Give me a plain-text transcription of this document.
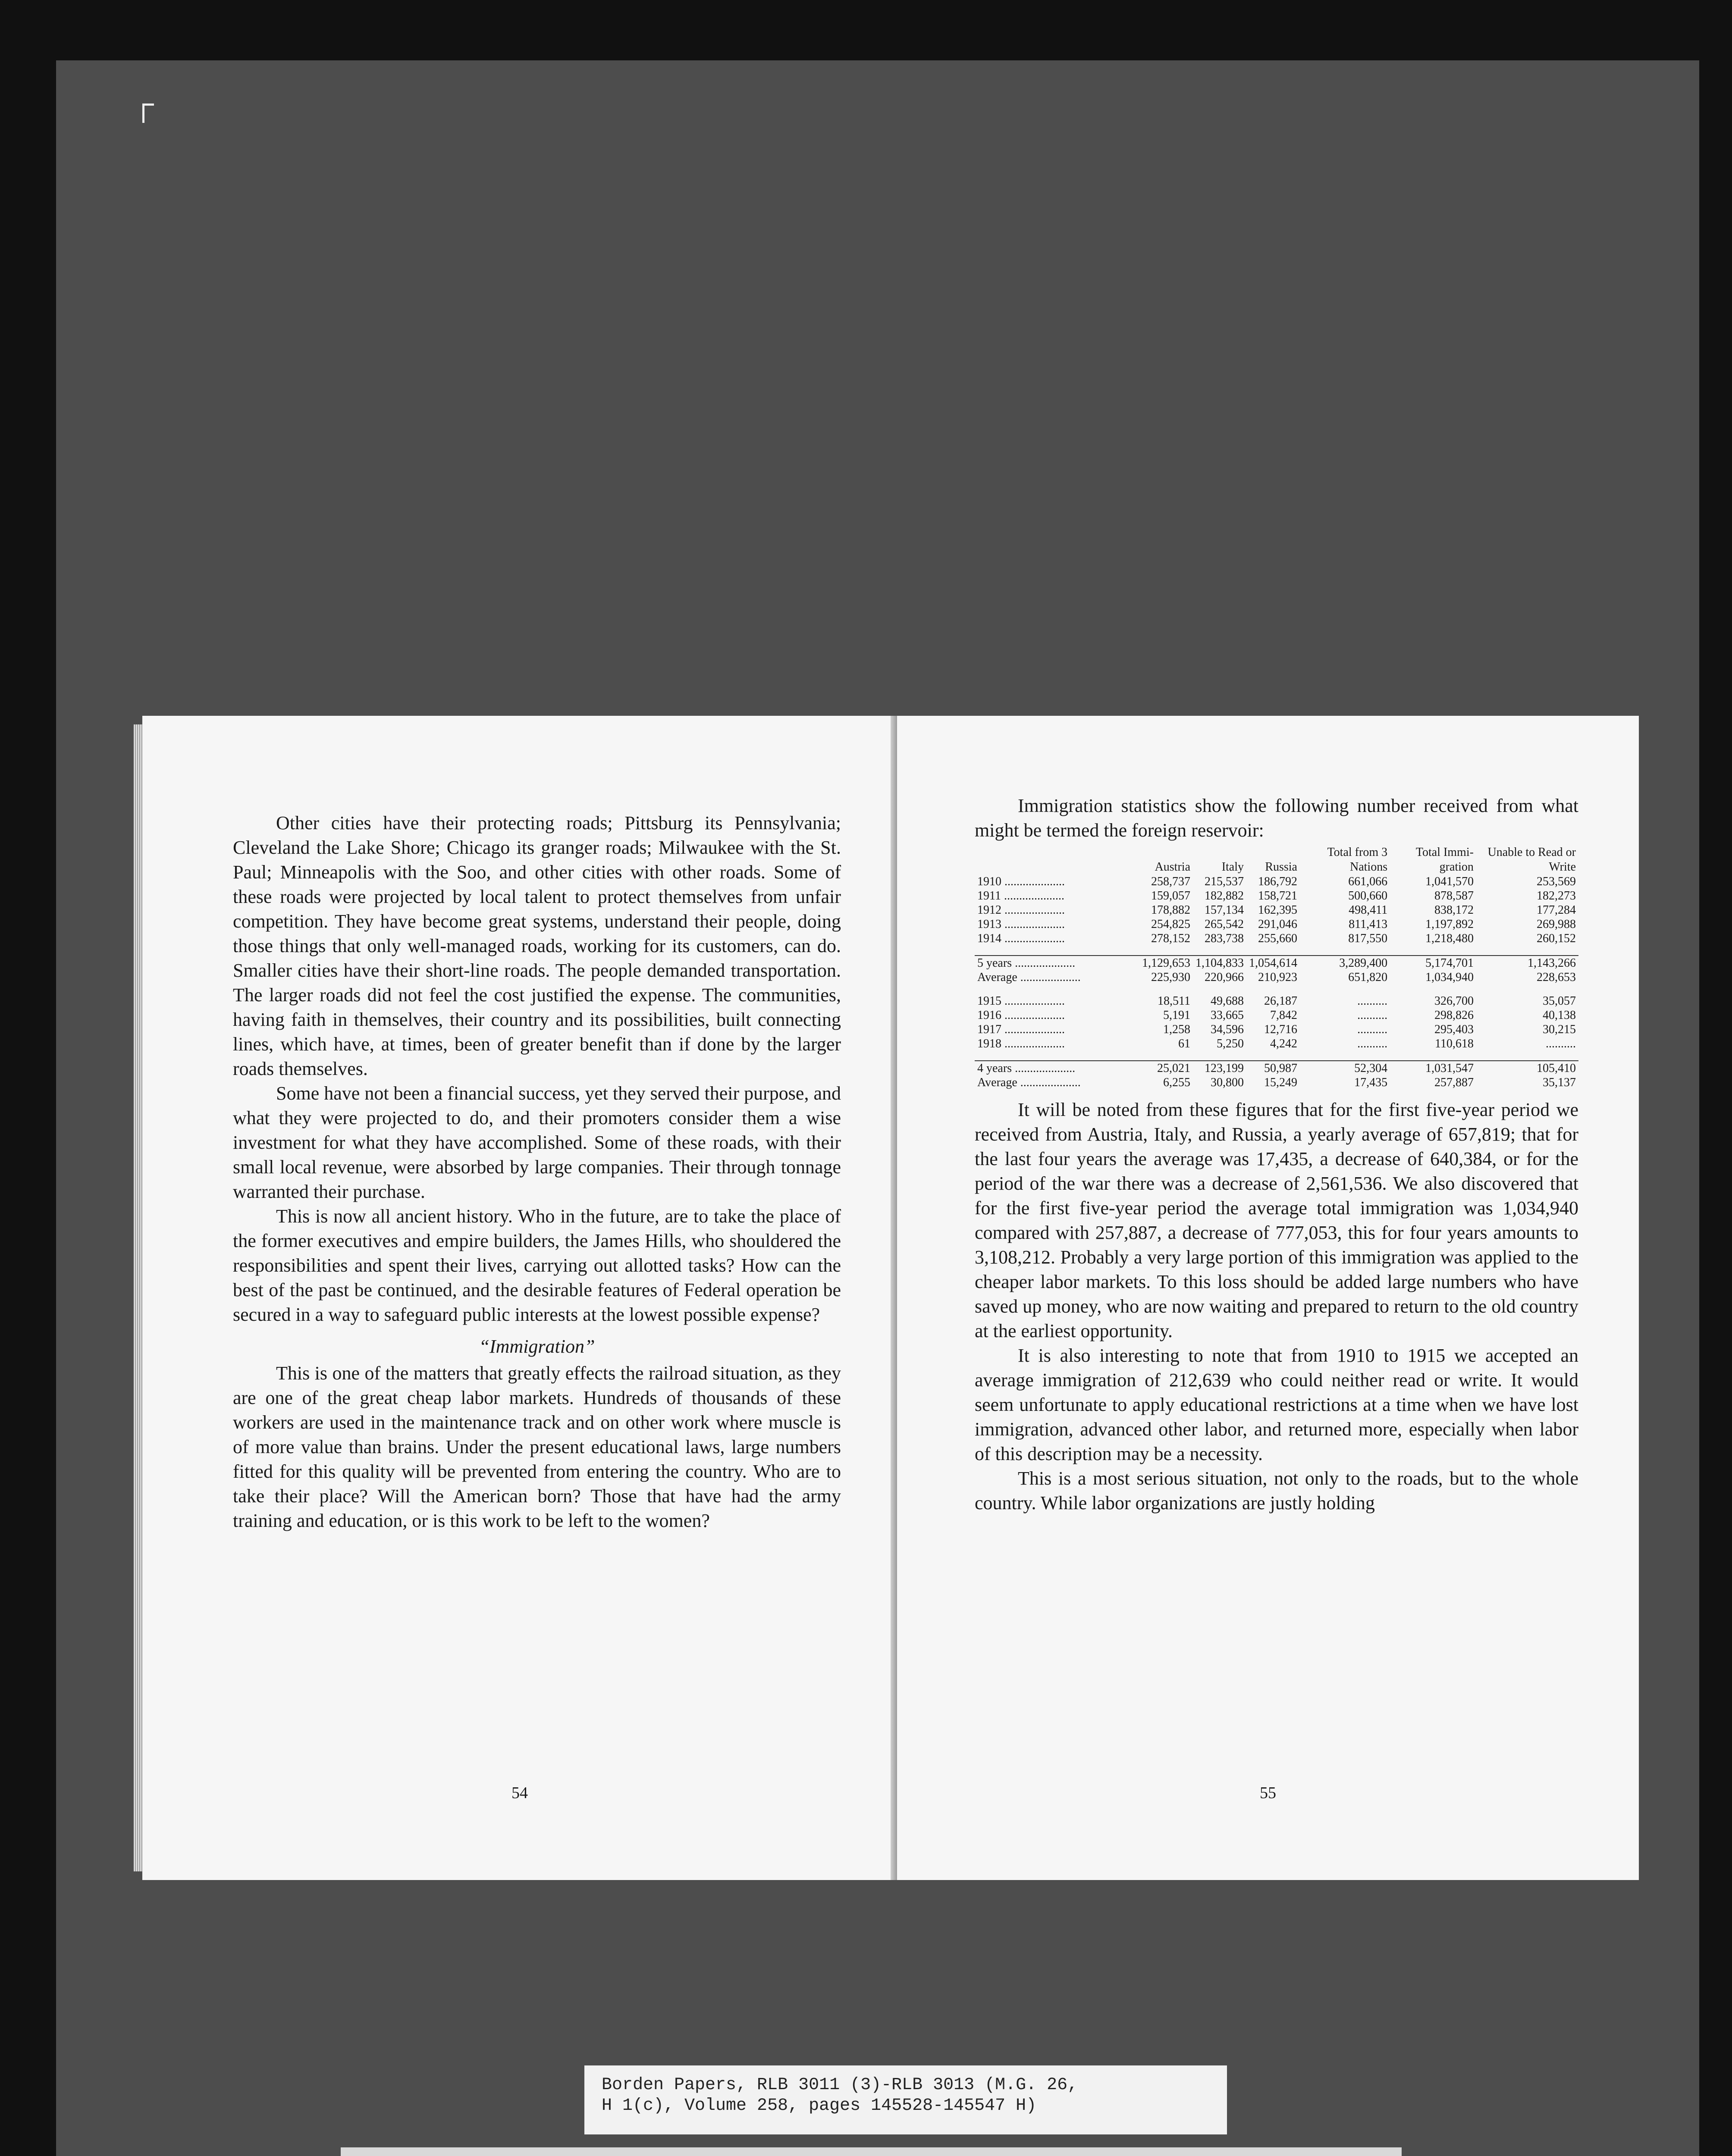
Other cities have their protecting roads; Pittsburg its Pennsylvania; Cleveland the Lake Shore; Chicago its granger roads; Milwaukee with the St. Paul; Minneapolis with the Soo, and other cities with other roads. Some of these roads were projected by local talent to protect themselves from unfair competition. They have become great systems, understand their people, doing those things that only well-managed roads, working for its customers, can do. Smaller cities have their short-line roads. The people demanded transportation. The larger roads did not feel the cost justified the expense. The communities, having faith in themselves, their country and its possibilities, built connecting lines, which have, at times, been of greater benefit than if done by the larger roads themselves.

Some have not been a financial success, yet they served their purpose, and what they were projected to do, and their promoters consider them a wise investment for what they have accomplished. Some of these roads, with their small local revenue, were absorbed by large companies. Their through tonnage warranted their purchase.

This is now all ancient history. Who in the future, are to take the place of the former executives and empire builders, the James Hills, who shouldered the responsibilities and spent their lives, carrying out allotted tasks? How can the best of the past be continued, and the desirable features of Federal operation be secured in a way to safeguard public interests at the lowest possible expense?

“Immigration”

This is one of the matters that greatly effects the railroad situation, as they are one of the great cheap labor markets. Hundreds of thousands of these workers are used in the maintenance track and on other work where muscle is of more value than brains. Under the present educational laws, large numbers fitted for this quality will be prevented from entering the country. Who are to take their place? Will the American born? Those that have had the army training and education, or is this work to be left to the women?

54

Immigration statistics show the following number received from what might be termed the foreign reservoir:

	Austria	Italy	Russia	Total from 3 Nations	Total Immi- gration	Unable to Read or Write
1910 ....................	258,737	215,537	186,792	661,066	1,041,570	253,569
1911 ....................	159,057	182,882	158,721	500,660	878,587	182,273
1912 ....................	178,882	157,134	162,395	498,411	838,172	177,284
1913 ....................	254,825	265,542	291,046	811,413	1,197,892	269,988
1914 ....................	278,152	283,738	255,660	817,550	1,218,480	260,152

5 years ....................	1,129,653	1,104,833	1,054,614	3,289,400	5,174,701	1,143,266
Average ....................	225,930	220,966	210,923	651,820	1,034,940	228,653

1915 ....................	18,511	49,688	26,187	..........	326,700	35,057
1916 ....................	5,191	33,665	7,842	..........	298,826	40,138
1917 ....................	1,258	34,596	12,716	..........	295,403	30,215
1918 ....................	61	5,250	4,242	..........	110,618	..........

4 years ....................	25,021	123,199	50,987	52,304	1,031,547	105,410
Average ....................	6,255	30,800	15,249	17,435	257,887	35,137

It will be noted from these figures that for the first five-year period we received from Austria, Italy, and Russia, a yearly average of 657,819; that for the last four years the average was 17,435, a decrease of 640,384, or for the period of the war there was a decrease of 2,561,536. We also discovered that for the first five-year period the average total immigration was 1,034,940 compared with 257,887, a decrease of 777,053, this for four years amounts to 3,108,212. Probably a very large portion of this immigration was applied to the cheaper labor markets. To this loss should be added large numbers who have saved up money, who are now waiting and prepared to return to the old country at the earliest opportunity.

It is also interesting to note that from 1910 to 1915 we accepted an average immigration of 212,639 who could neither read or write. It would seem unfortunate to apply educational restrictions at a time when we have lost immigration, advanced other labor, and returned more, especially when labor of this description may be a necessity.

This is a most serious situation, not only to the roads, but to the whole country. While labor organizations are justly holding

55
Borden Papers, RLB 3011 (3)-RLB 3013 (M.G. 26,
H 1(c), Volume 258, pages 145528-145547 H)
